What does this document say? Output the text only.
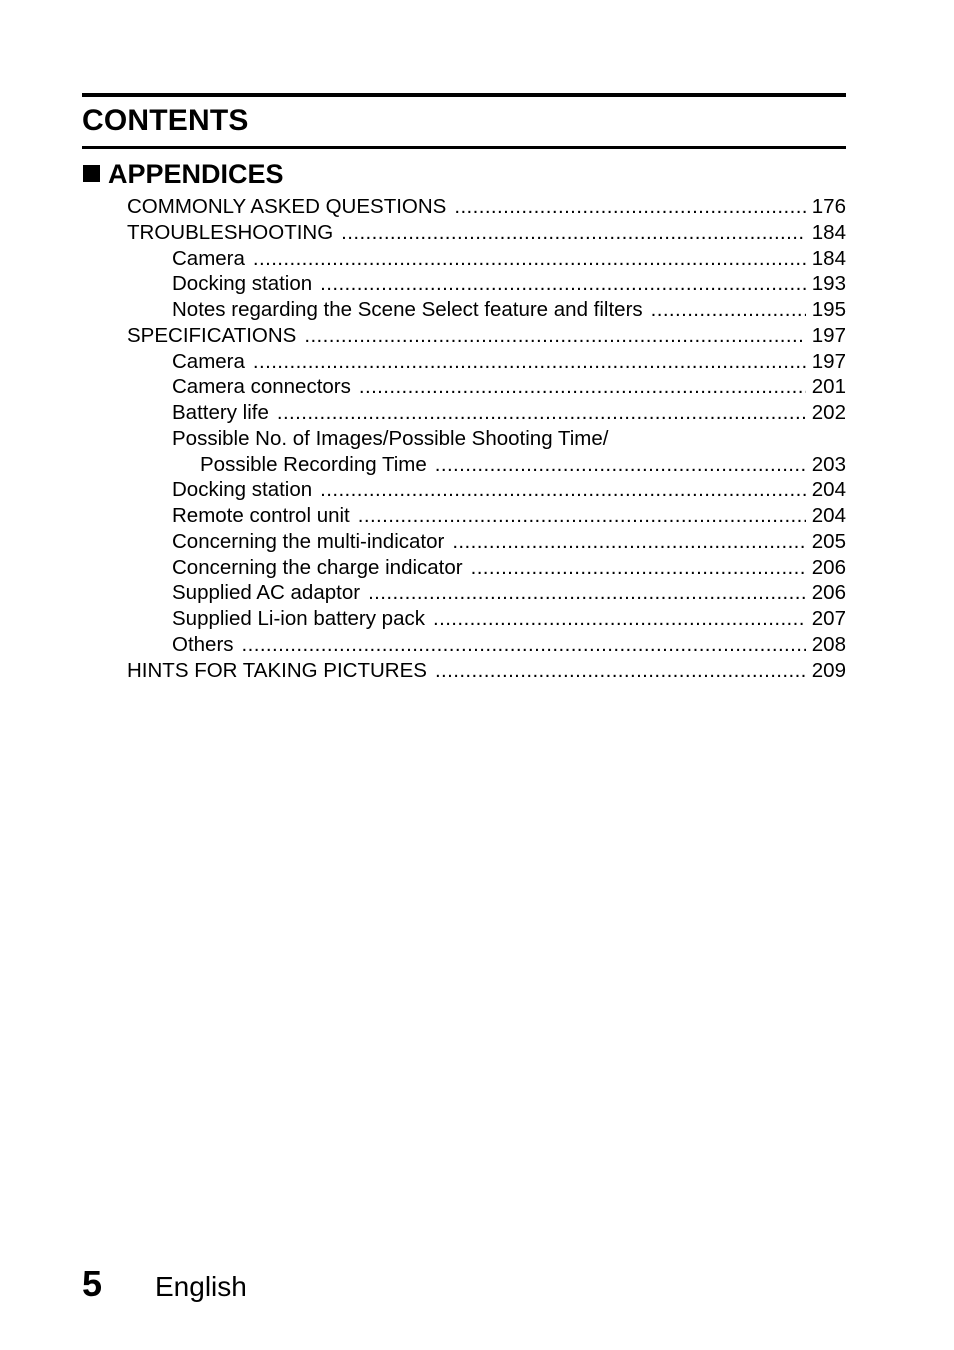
CONTENTS
APPENDICES
COMMONLY ASKED QUESTIONS .....	176
TROUBLESHOOTING .....	184
Camera .....	184
Docking station .....	193
Notes regarding the Scene Select feature and filters .....	195
SPECIFICATIONS .....	197
Camera .....	197
Camera connectors .....	201
Battery life .....	202
Possible No. of Images/Possible Shooting Time/
Possible Recording Time .....	203
Docking station .....	204
Remote control unit .....	204
Concerning the multi-indicator .....	205
Concerning the charge indicator .....	206
Supplied AC adaptor .....	206
Supplied Li-ion battery pack .....	207
Others .....	208
HINTS FOR TAKING PICTURES .....	209
5 English
